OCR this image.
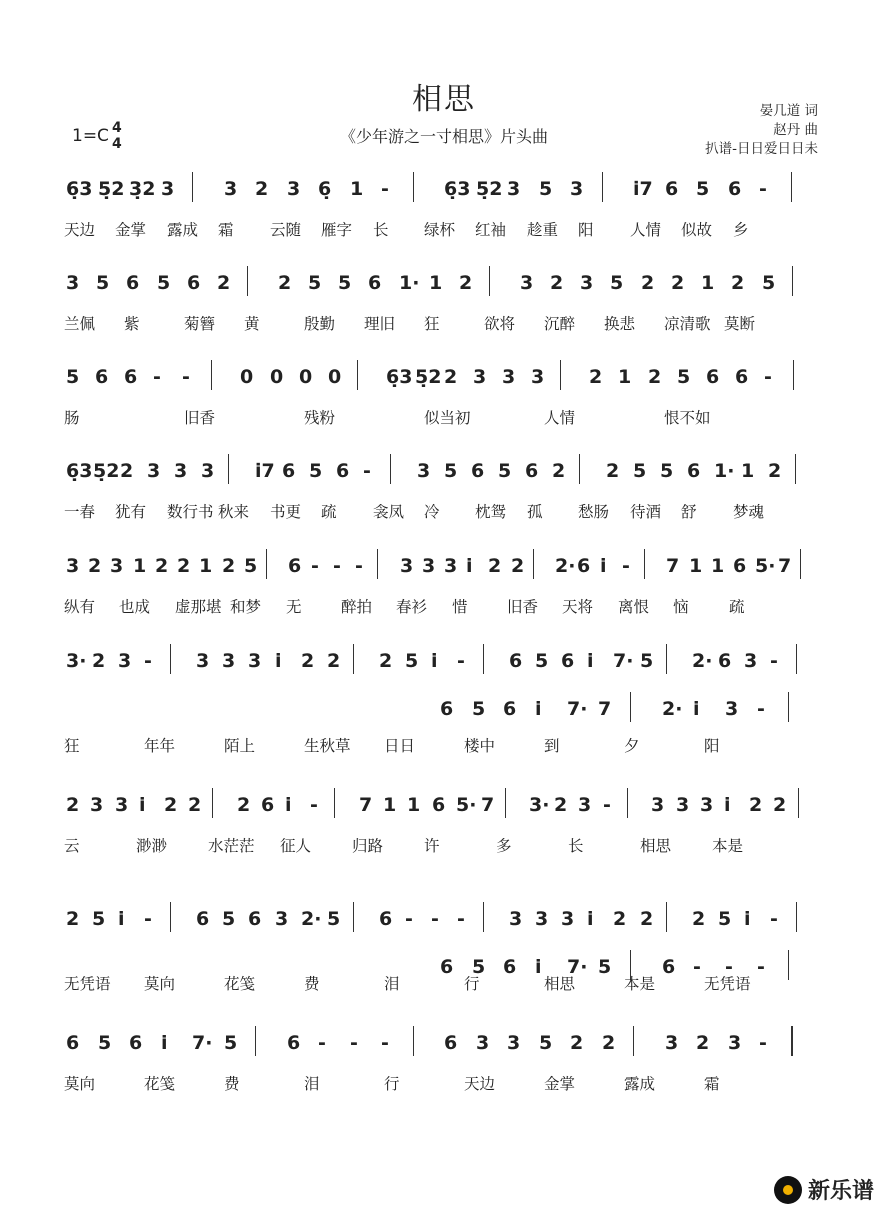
相思
《少年游之一寸相思》片头曲
1=C 4
4
晏几道 词
赵丹 曲
扒谱-日日爱日日未
6̣3 5̣2 3̣2 3	3 2 3 6̣ 1 -	6̣3 5̣2 3 5 3	i̇7 6 5 6 -
天边 金掌 露成 霜 云随 雁字 长 绿杯 红袖 趁重 阳 人情 似故 乡
3 5 6 5 6 2	2 5 5 6 1· 1 2	3 2 3 5 2 2 1 2 5
兰佩 紫	菊簪 黄	殷勤 理旧 狂	欲将 沉醉 换悲 凉清歌 莫断
5 6 6 - -	0 0 0 0 6̣3 5̣2 2 3 3 3 2 1 2 5 6 6 -
肠	旧香	残粉	似当初	人情	恨不如
6̣3 5̣2 2 3 3 3 i̇7 6 5 6 - 3 5 6 5 6 2 2 5 5 6 1· 1 2
一春 犹有 数行书 秋来 书更 疏 衾凤 冷 枕鸳 孤 愁肠 待酒 舒 梦魂
3 2 3 1 2 2 1 2 5 6 - - - 3 3 3 i 2 2 2· 6 i - 7 1 1 6 5· 7
纵有 也成 虚那堪 和梦 无	醉拍 春衫 惜	旧香 天将 离恨 恼	疏
3· 2 3 - 3 3 3 i 2 2 2 5 i - 6 5 6 i 7· 5 2· 6 3 -
6 5 6 i 7· 7	2· i 3 -
狂	年年	陌上	生秋草 日日	楼中	到	夕	阳
2 3 3 i 2 2 2 6 i - 7 1 1 6 5· 7 3· 2 3 - 3 3 3 i 2 2
云	渺渺	水茫茫 征人	归路	许	多	长	相思	本是
2 5 i - 6 5 6 3 2· 5 6 - - - 3 3 3 i 2 2 2 5 i -
6 5 6 i 7· 5	6 - - -
无凭语 莫向	花笺	费	泪	行	相思	本是	无凭语
6 5 6 i 7· 5	6 - - -	6 3 3 5 2 2	3 2 3 -
莫向	花笺	费	泪	行	天边	金掌	露成	霜
新乐谱
